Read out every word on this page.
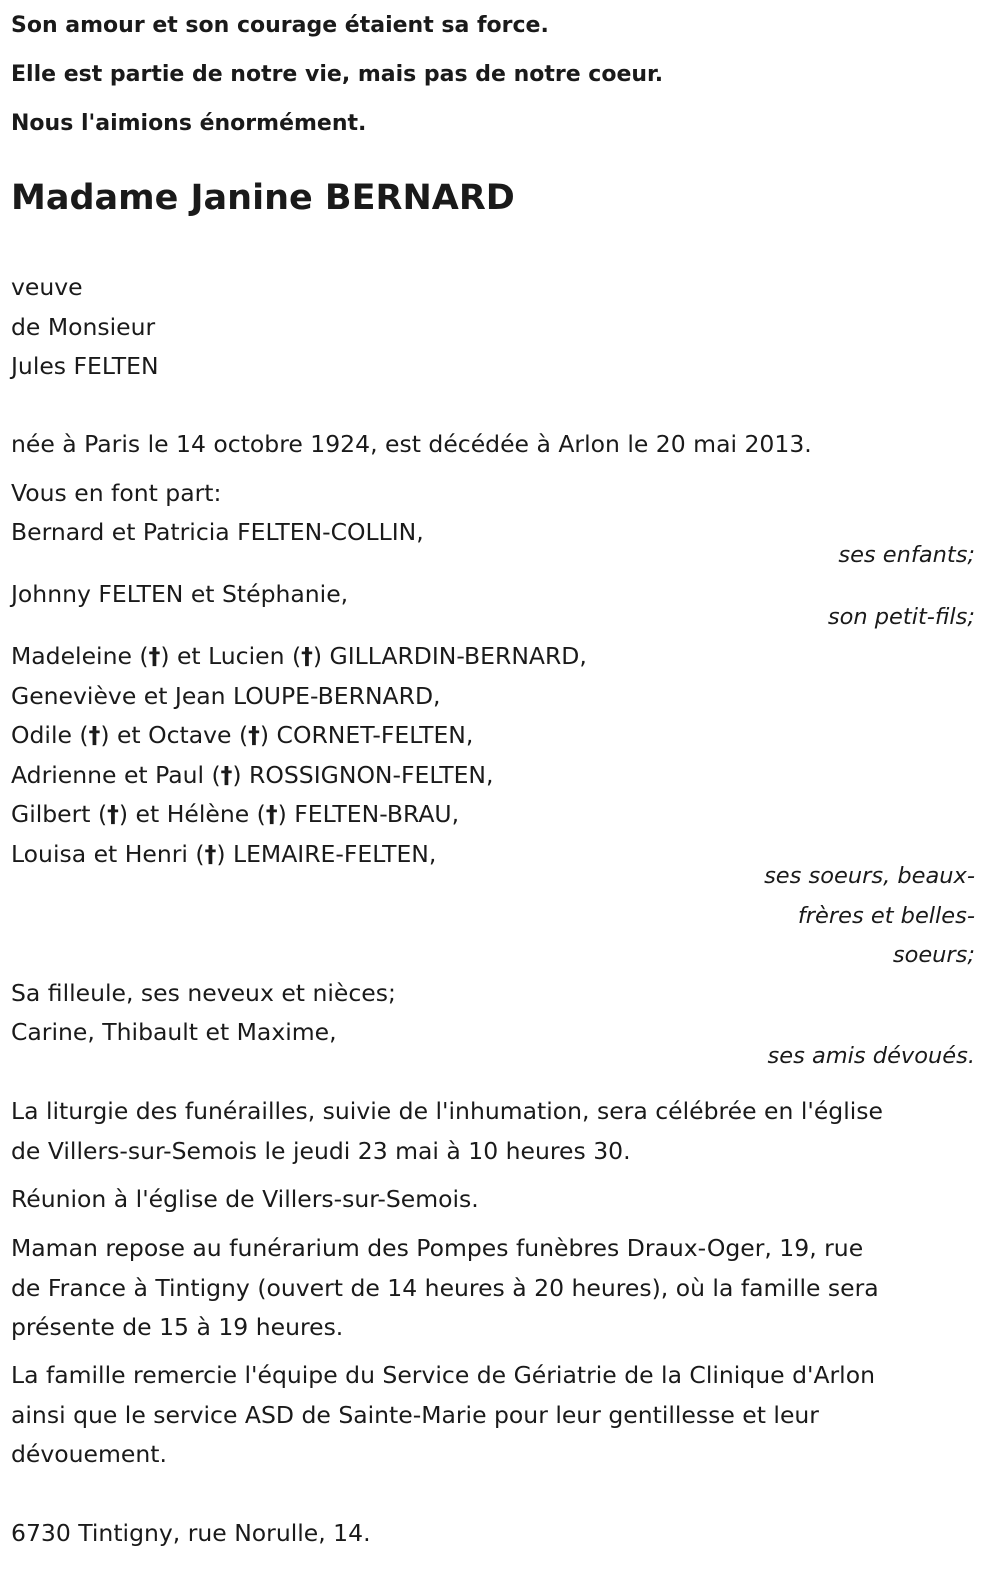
Son amour et son courage étaient sa force.
Elle est partie de notre vie, mais pas de notre coeur.
Nous l'aimions énormément.
Madame Janine BERNARD
veuve
de Monsieur
Jules FELTEN
née à Paris le 14 octobre 1924, est décédée à Arlon le 20 mai 2013.
Vous en font part:
Bernard et Patricia FELTEN-COLLIN,
ses enfants;
Johnny FELTEN et Stéphanie,
son petit-fils;
Madeleine (†) et Lucien (†) GILLARDIN-BERNARD,
Geneviève et Jean LOUPE-BERNARD,
Odile (†) et Octave (†) CORNET-FELTEN,
Adrienne et Paul (†) ROSSIGNON-FELTEN,
Gilbert (†) et Hélène (†) FELTEN-BRAU,
Louisa et Henri (†) LEMAIRE-FELTEN,
ses soeurs, beaux-
frères et belles-
soeurs;
Sa filleule, ses neveux et nièces;
Carine, Thibault et Maxime,
ses amis dévoués.
La liturgie des funérailles, suivie de l'inhumation, sera célébrée en l'église
de Villers-sur-Semois le jeudi 23 mai à 10 heures 30.
Réunion à l'église de Villers-sur-Semois.
Maman repose au funérarium des Pompes funèbres Draux-Oger, 19, rue
de France à Tintigny (ouvert de 14 heures à 20 heures), où la famille sera
présente de 15 à 19 heures.
La famille remercie l'équipe du Service de Gériatrie de la Clinique d'Arlon
ainsi que le service ASD de Sainte-Marie pour leur gentillesse et leur
dévouement.
6730 Tintigny, rue Norulle, 14.
